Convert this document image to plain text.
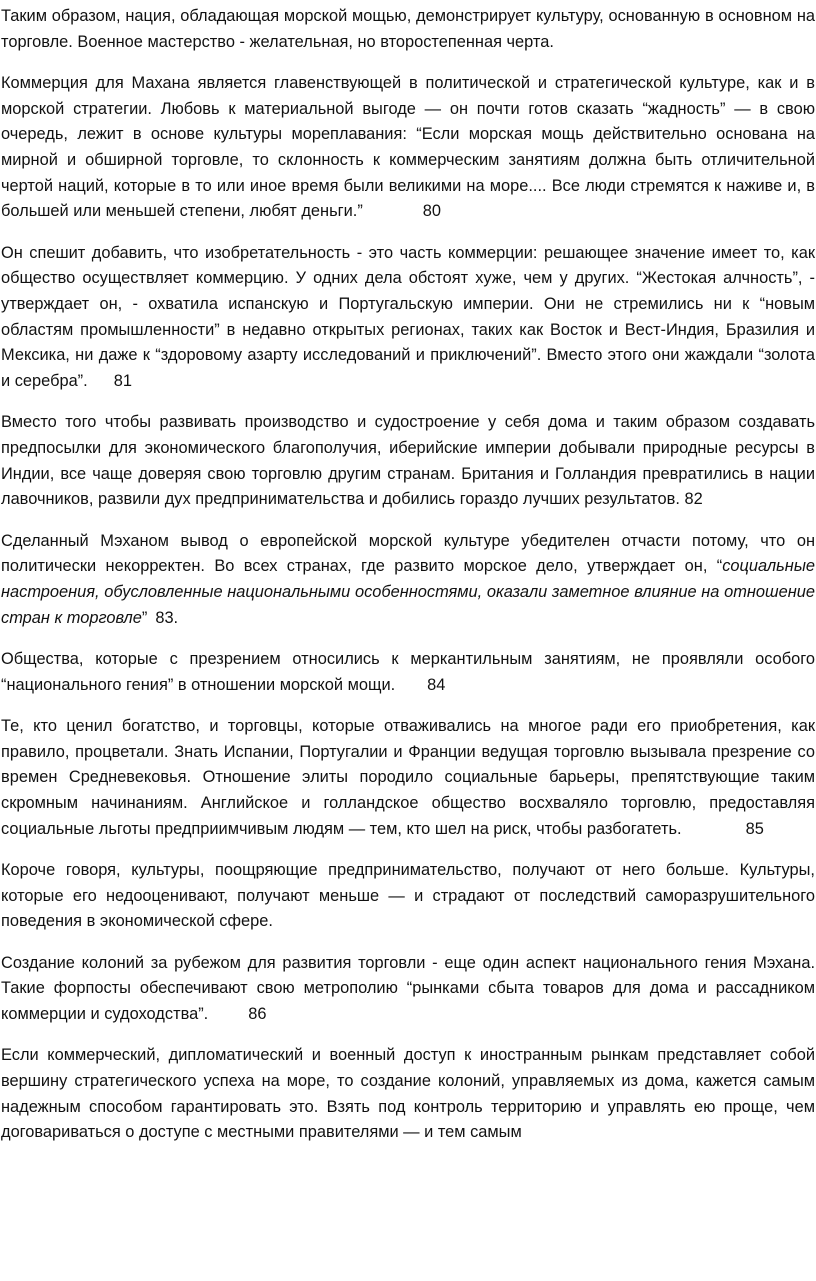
Таким образом, нация, обладающая морской мощью, демонстрирует культуру, основанную в основном на торговле. Военное мастерство - желательная, но второстепенная черта.

Коммерция для Махана является главенствующей в политической и стратегической культуре, как и в морской стратегии. Любовь к материальной выгоде — он почти готов сказать “жадность” — в свою очередь, лежит в основе культуры мореплавания: “Если морская мощь действительно основана на мирной и обширной торговле, то склонность к коммерческим занятиям должна быть отличительной чертой наций, которые в то или иное время были великими на море.... Все люди стремятся к наживе и, в большей или меньшей степени, любят деньги.”	80

Он спешит добавить, что изобретательность - это часть коммерции: решающее значение имеет то, как общество осуществляет коммерцию. У одних дела обстоят хуже, чем у других. “Жестокая алчность”, - утверждает он, - охватила испанскую и Португальскую империи. Они не стремились ни к “новым областям промышленности” в недавно открытых регионах, таких как Восток и Вест-Индия, Бразилия и Мексика, ни даже к “здоровому азарту исследований и приключений”. Вместо этого они жаждали “золота и серебра”. 81

Вместо того чтобы развивать производство и судостроение у себя дома и таким образом создавать предпосылки для экономического благополучия, иберийские империи добывали природные ресурсы в Индии, все чаще доверяя свою торговлю другим странам. Британия и Голландия превратились в нации лавочников, развили дух предпринимательства и добились гораздо лучших результатов. 82

Сделанный Мэханом вывод о европейской морской культуре убедителен отчасти потому, что он политически некорректен. Во всех странах, где развито морское дело, утверждает он, “социальные настроения, обусловленные национальными особенностями, оказали заметное влияние на отношение стран к торговле” 83.

Общества, которые с презрением относились к меркантильным занятиям, не проявляли особого “национального гения” в отношении морской мощи. 84

Те, кто ценил богатство, и торговцы, которые отваживались на многое ради его приобретения, как правило, процветали. Знать Испании, Португалии и Франции ведущая торговлю вызывала презрение со времен Средневековья. Отношение элиты породило социальные барьеры, препятствующие таким скромным начинаниям. Английское и голландское общество восхваляло торговлю, предоставляя социальные льготы предприимчивым людям — тем, кто шел на риск, чтобы разбогатеть.	85

Короче говоря, культуры, поощряющие предпринимательство, получают от него больше. Культуры, которые его недооценивают, получают меньше — и страдают от последствий саморазрушительного поведения в экономической сфере.

Создание колоний за рубежом для развития торговли - еще один аспект национального гения Мэхана. Такие форпосты обеспечивают свою метрополию “рынками сбыта товаров для дома и рассадником коммерции и судоходства”. 86

Если коммерческий, дипломатический и военный доступ к иностранным рынкам представляет собой вершину стратегического успеха на море, то создание колоний, управляемых из дома, кажется самым надежным способом гарантировать это. Взять под контроль территорию и управлять ею проще, чем договариваться о доступе с местными правителями — и тем самым
